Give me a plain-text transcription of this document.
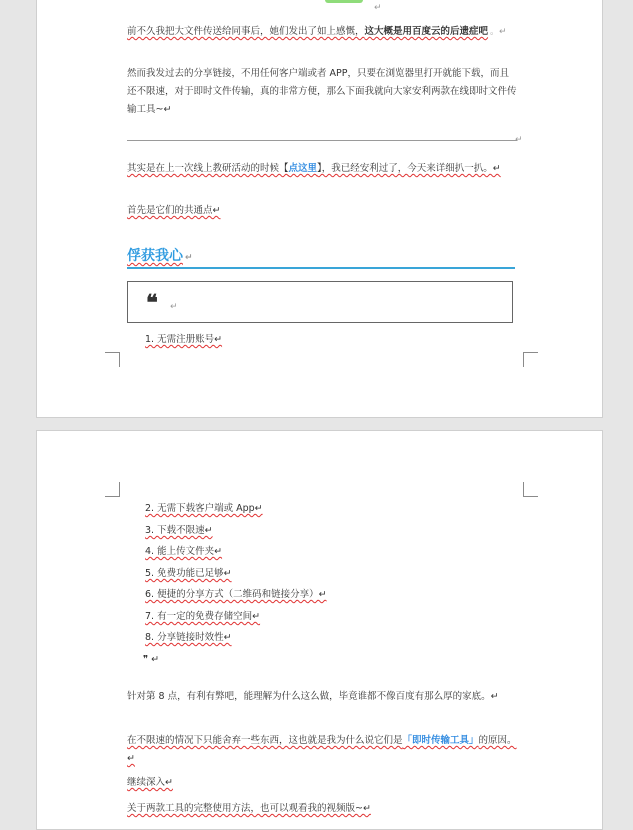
↵
前不久我把大文件传送给同事后，她们发出了如上感慨，这大概是用百度云的后遗症吧 。↵
然而我发过去的分享链接，不用任何客户端或者 APP，只要在浏览器里打开就能下载，而且还不限速，对于即时文件传输，真的非常方便，那么下面我就向大家安利两款在线即时文件传输工具~↵
↵
其实是在上一次线上教研活动的时候【点这里】，我已经安利过了，今天来详细扒一扒。↵
首先是它们的共通点↵
俘获我心 ↵
❝ ↵
1. 无需注册账号↵
2. 无需下载客户端或 App↵
3. 下载不限速↵
4. 能上传文件夹↵
5. 免费功能已足够↵
6. 便捷的分享方式（二维码和链接分享）↵
7. 有一定的免费存储空间↵
8. 分享链接时效性↵
❞ ↵
针对第 8 点，有利有弊吧，能理解为什么这么做，毕竟谁都不像百度有那么厚的家底。↵
在不限速的情况下只能舍弃一些东西，这也就是我为什么说它们是「即时传输工具」的原因。↵
继续深入↵
关于两款工具的完整使用方法，也可以观看我的视频版~↵
